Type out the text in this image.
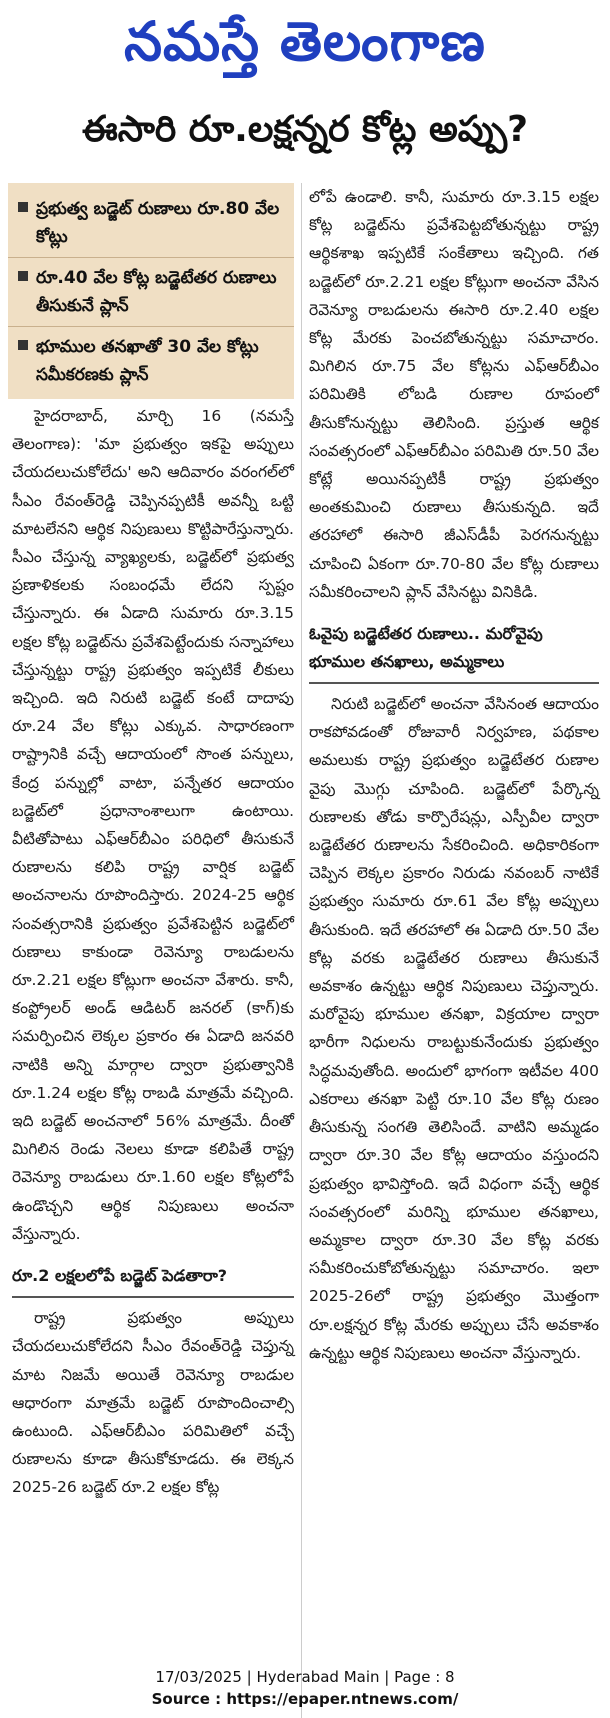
నమస్తే తెలంగాణ
ఈసారి రూ.లక్షన్నర కోట్ల అప్పు?
ప్రభుత్వ బడ్జెట్ రుణాలు రూ.80 వేల కోట్లు
రూ.40 వేల కోట్ల బడ్జెటేతర రుణాలు తీసుకునే ప్లాన్
భూముల తనఖాతో 30 వేల కోట్లు సమీకరణకు ప్లాన్

హైదరాబాద్, మార్చి 16 (నమస్తే తెలంగాణ): 'మా ప్రభుత్వం ఇకపై అప్పులు చేయదలుచుకోలేదు' అని ఆదివారం వరంగల్‌లో సీఎం రేవంత్‌రెడ్డి చెప్పినప్పటికీ అవన్నీ ఒట్టి మాటలేనని ఆర్థిక నిపుణులు కొట్టిపారేస్తున్నారు. సీఎం చేస్తున్న వ్యాఖ్యలకు, బడ్జెట్‌లో ప్రభుత్వ ప్రణాళికలకు సంబంధమే లేదని స్పష్టం చేస్తున్నారు. ఈ ఏడాది సుమారు రూ.3.15 లక్షల కోట్ల బడ్జెట్‌ను ప్రవేశపెట్టేందుకు సన్నాహాలు చేస్తున్నట్టు రాష్ట్ర ప్రభుత్వం ఇప్పటికే లీకులు ఇచ్చింది. ఇది నిరుటి బడ్జెట్ కంటే దాదాపు రూ.24 వేల కోట్లు ఎక్కువ. సాధారణంగా రాష్ట్రానికి వచ్చే ఆదాయంలో సొంత పన్నులు, కేంద్ర పన్నుల్లో వాటా, పన్నేతర ఆదాయం బడ్జెట్‌లో ప్రధానాంశాలుగా ఉంటాయి. వీటితోపాటు ఎఫ్ఆర్‌బీఎం పరిధిలో తీసుకునే రుణాలను కలిపి రాష్ట్ర వార్షిక బడ్జెట్ అంచనాలను రూపొందిస్తారు. 2024-25 ఆర్థిక సంవత్సరానికి ప్రభుత్వం ప్రవేశపెట్టిన బడ్జెట్‌లో రుణాలు కాకుండా రెవెన్యూ రాబడులను రూ.2.21 లక్షల కోట్లుగా అంచనా వేశారు. కానీ, కంప్ట్రోలర్ అండ్ ఆడిటర్ జనరల్ (కాగ్)కు సమర్పించిన లెక్కల ప్రకారం ఈ ఏడాది జనవరి నాటికి అన్ని మార్గాల ద్వారా ప్రభుత్వానికి రూ.1.24 లక్షల కోట్ల రాబడి మాత్రమే వచ్చింది. ఇది బడ్జెట్ అంచనాలో 56% మాత్రమే. దీంతో మిగిలిన రెండు నెలలు కూడా కలిపితే రాష్ట్ర రెవెన్యూ రాబడులు రూ.1.60 లక్షల కోట్లలోపే ఉండొచ్చని ఆర్థిక నిపుణులు అంచనా వేస్తున్నారు.

రూ.2 లక్షలలోపే బడ్జెట్ పెడతారా?

రాష్ట్ర ప్రభుత్వం అప్పులు చేయదలుచుకోలేదని సీఎం రేవంత్‌రెడ్డి చెప్తున్న మాట నిజమే అయితే రెవెన్యూ రాబడుల ఆధారంగా మాత్రమే బడ్జెట్ రూపొందించాల్సి ఉంటుంది. ఎఫ్ఆర్‌బీఎం పరిమితిలో వచ్చే రుణాలను కూడా తీసుకోకూడదు. ఈ లెక్కన 2025-26 బడ్జెట్ రూ.2 లక్షల కోట్ల

లోపే ఉండాలి. కానీ, సుమారు రూ.3.15 లక్షల కోట్ల బడ్జెట్‌ను ప్రవేశపెట్టబోతున్నట్టు రాష్ట్ర ఆర్థికశాఖ ఇప్పటికే సంకేతాలు ఇచ్చింది. గత బడ్జెట్‌లో రూ.2.21 లక్షల కోట్లుగా అంచనా వేసిన రెవెన్యూ రాబడులను ఈసారి రూ.2.40 లక్షల కోట్ల మేరకు పెంచబోతున్నట్టు సమాచారం. మిగిలిన రూ.75 వేల కోట్లను ఎఫ్ఆర్‌బీఎం పరిమితికి లోబడి రుణాల రూపంలో తీసుకోనున్నట్టు తెలిసింది. ప్రస్తుత ఆర్థిక సంవత్సరంలో ఎఫ్ఆర్‌బీఎం పరిమితి రూ.50 వేల కోట్లే అయినప్పటికీ రాష్ట్ర ప్రభుత్వం అంతకుమించి రుణాలు తీసుకున్నది. ఇదే తరహాలో ఈసారి జీఎస్‌డీపీ పెరగనున్నట్టు చూపించి ఏకంగా రూ.70-80 వేల కోట్ల రుణాలు సమీకరించాలని ప్లాన్ వేసినట్టు వినికిడి.

ఓవైపు బడ్జెటేతర రుణాలు.. మరోవైపు భూముల తనఖాలు, అమ్మకాలు

నిరుటి బడ్జెట్‌లో అంచనా వేసినంత ఆదాయం రాకపోవడంతో రోజువారీ నిర్వహణ, పథకాల అమలుకు రాష్ట్ర ప్రభుత్వం బడ్జెటేతర రుణాల వైపు మొగ్గు చూపింది. బడ్జెట్‌లో పేర్కొన్న రుణాలకు తోడు కార్పొరేషన్లు, ఎస్పీవీల ద్వారా బడ్జెటేతర రుణాలను సేకరించింది. అధికారికంగా చెప్పిన లెక్కల ప్రకారం నిరుడు నవంబర్ నాటికే ప్రభుత్వం సుమారు రూ.61 వేల కోట్ల అప్పులు తీసుకుంది. ఇదే తరహాలో ఈ ఏడాది రూ.50 వేల కోట్ల వరకు బడ్జెటేతర రుణాలు తీసుకునే అవకాశం ఉన్నట్టు ఆర్థిక నిపుణులు చెప్తున్నారు. మరోవైపు భూముల తనఖా, విక్రయాల ద్వారా భారీగా నిధులను రాబట్టుకునేందుకు ప్రభుత్వం సిద్ధమవుతోంది. అందులో భాగంగా ఇటీవల 400 ఎకరాలు తనఖా పెట్టి రూ.10 వేల కోట్ల రుణం తీసుకున్న సంగతి తెలిసిందే. వాటిని అమ్మడం ద్వారా రూ.30 వేల కోట్ల ఆదాయం వస్తుందని ప్రభుత్వం భావిస్తోంది. ఇదే విధంగా వచ్చే ఆర్థిక సంవత్సరంలో మరిన్ని భూముల తనఖాలు, అమ్మకాల ద్వారా రూ.30 వేల కోట్ల వరకు సమీకరించుకోబోతున్నట్టు సమాచారం. ఇలా 2025-26లో రాష్ట్ర ప్రభుత్వం మొత్తంగా రూ.లక్షన్నర కోట్ల మేరకు అప్పులు చేసే అవకాశం ఉన్నట్టు ఆర్థిక నిపుణులు అంచనా వేస్తున్నారు.

17/03/2025 | Hyderabad Main | Page : 8
Source : https://epaper.ntnews.com/
